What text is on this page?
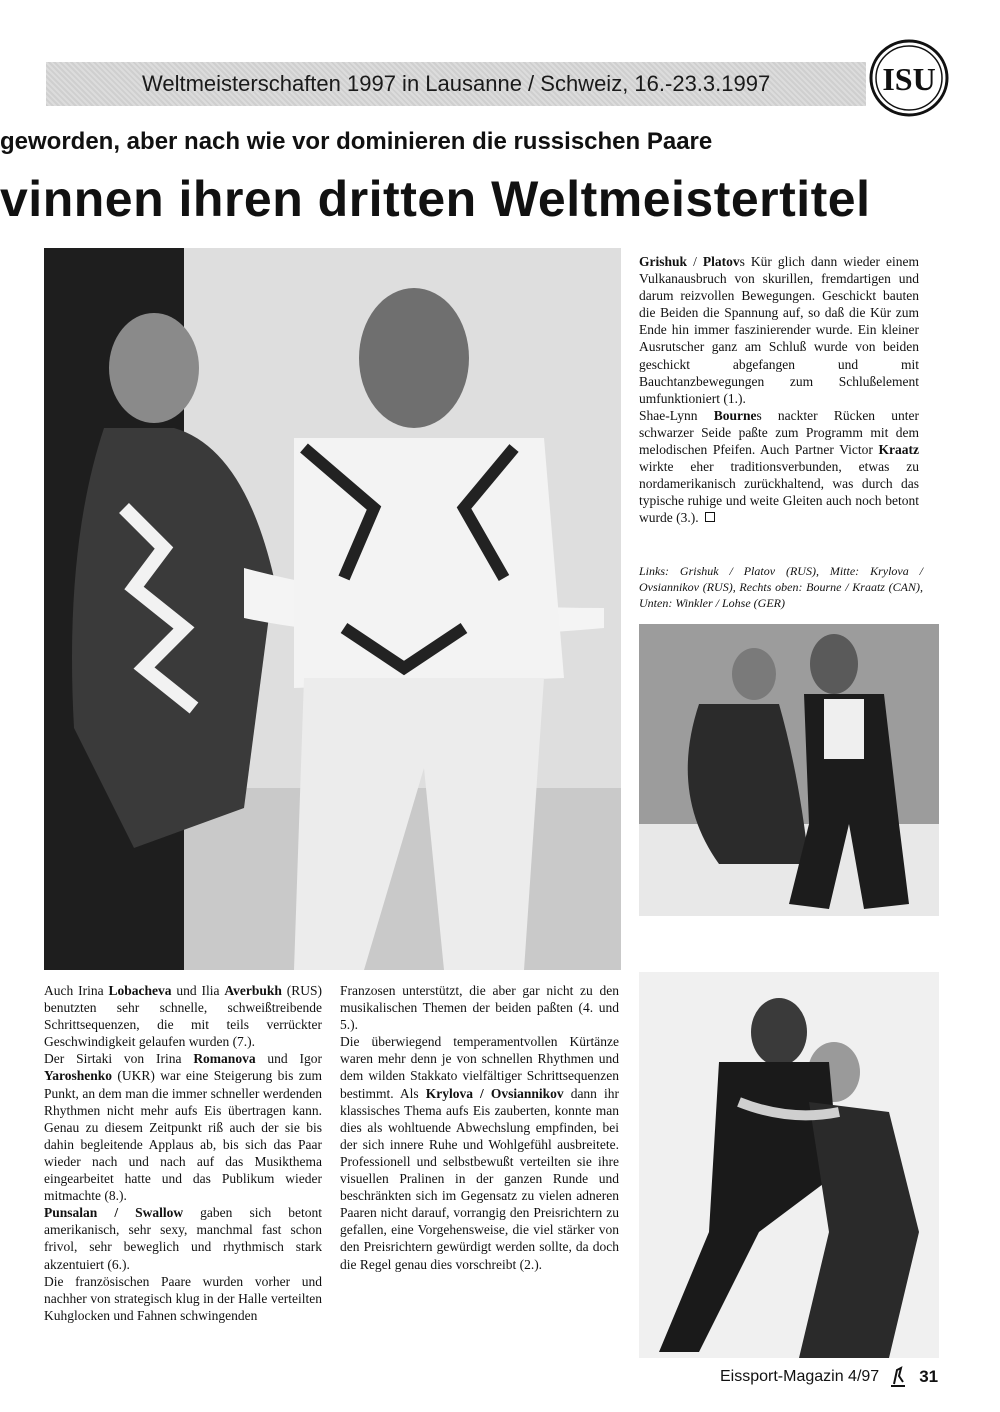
Weltmeisterschaften 1997 in Lausanne / Schweiz, 16.-23.3.1997	ISU
geworden, aber nach wie vor dominieren die russischen Paare
vinnen ihren dritten Weltmeistertitel

Grishuk / Platovs Kür glich dann wieder einem Vulkanausbruch von skurillen, fremdartigen und darum reizvollen Bewegungen. Geschickt bauten die Beiden die Spannung auf, so daß die Kür zum Ende hin immer faszinierender wurde. Ein kleiner Ausrutscher ganz am Schluß wurde von beiden geschickt abgefangen und mit Bauchtanzbewegungen zum Schlußelement umfunktioniert (1.).

Shae-Lynn Bournes nackter Rücken unter schwarzer Seide paßte zum Programm mit dem melodischen Pfeifen. Auch Partner Victor Kraatz wirkte eher traditionsverbunden, etwas zu nordamerikanisch zurückhaltend, was durch das typische ruhige und weite Gleiten auch noch betont wurde (3.).

Links: Grishuk / Platov (RUS), Mitte: Krylova / Ovsiannikov (RUS), Rechts oben: Bourne / Kraatz (CAN), Unten: Winkler / Lohse (GER)

Auch Irina Lobacheva und Ilia Averbukh (RUS) benutzten sehr schnelle, schweißtreibende Schrittsequenzen, die mit teils verrückter Geschwindigkeit gelaufen wurden (7.).

Der Sirtaki von Irina Romanova und Igor Yaroshenko (UKR) war eine Steigerung bis zum Punkt, an dem man die immer schneller werdenden Rhythmen nicht mehr aufs Eis übertragen kann. Genau zu diesem Zeitpunkt riß auch der sie bis dahin begleitende Applaus ab, bis sich das Paar wieder nach und nach auf das Musikthema eingearbeitet hatte und das Publikum wieder mitmachte (8.).

Punsalan / Swallow gaben sich betont amerikanisch, sehr sexy, manchmal fast schon frivol, sehr beweglich und rhythmisch stark akzentuiert (6.).

Die französischen Paare wurden vorher und nachher von strategisch klug in der Halle verteilten Kuhglocken und Fahnen schwingenden

Franzosen unterstützt, die aber gar nicht zu den musikalischen Themen der beiden paßten (4. und 5.).

Die überwiegend temperamentvollen Kürtänze waren mehr denn je von schnellen Rhythmen und dem wilden Stakkato vielfältiger Schrittsequenzen bestimmt. Als Krylova / Ovsiannikov dann ihr klassisches Thema aufs Eis zauberten, konnte man dies als wohltuende Abwechslung empfinden, bei der sich innere Ruhe und Wohlgefühl ausbreitete. Professionell und selbstbewußt verteilten sie ihre visuellen Pralinen in der ganzen Runde und beschränkten sich im Gegensatz zu vielen adneren Paaren nicht darauf, vorrangig den Preisrichtern zu gefallen, eine Vorgehensweise, die viel stärker von den Preisrichtern gewürdigt werden sollte, da doch die Regel genau dies vorschreibt (2.).

Eissport-Magazin 4/97 31
